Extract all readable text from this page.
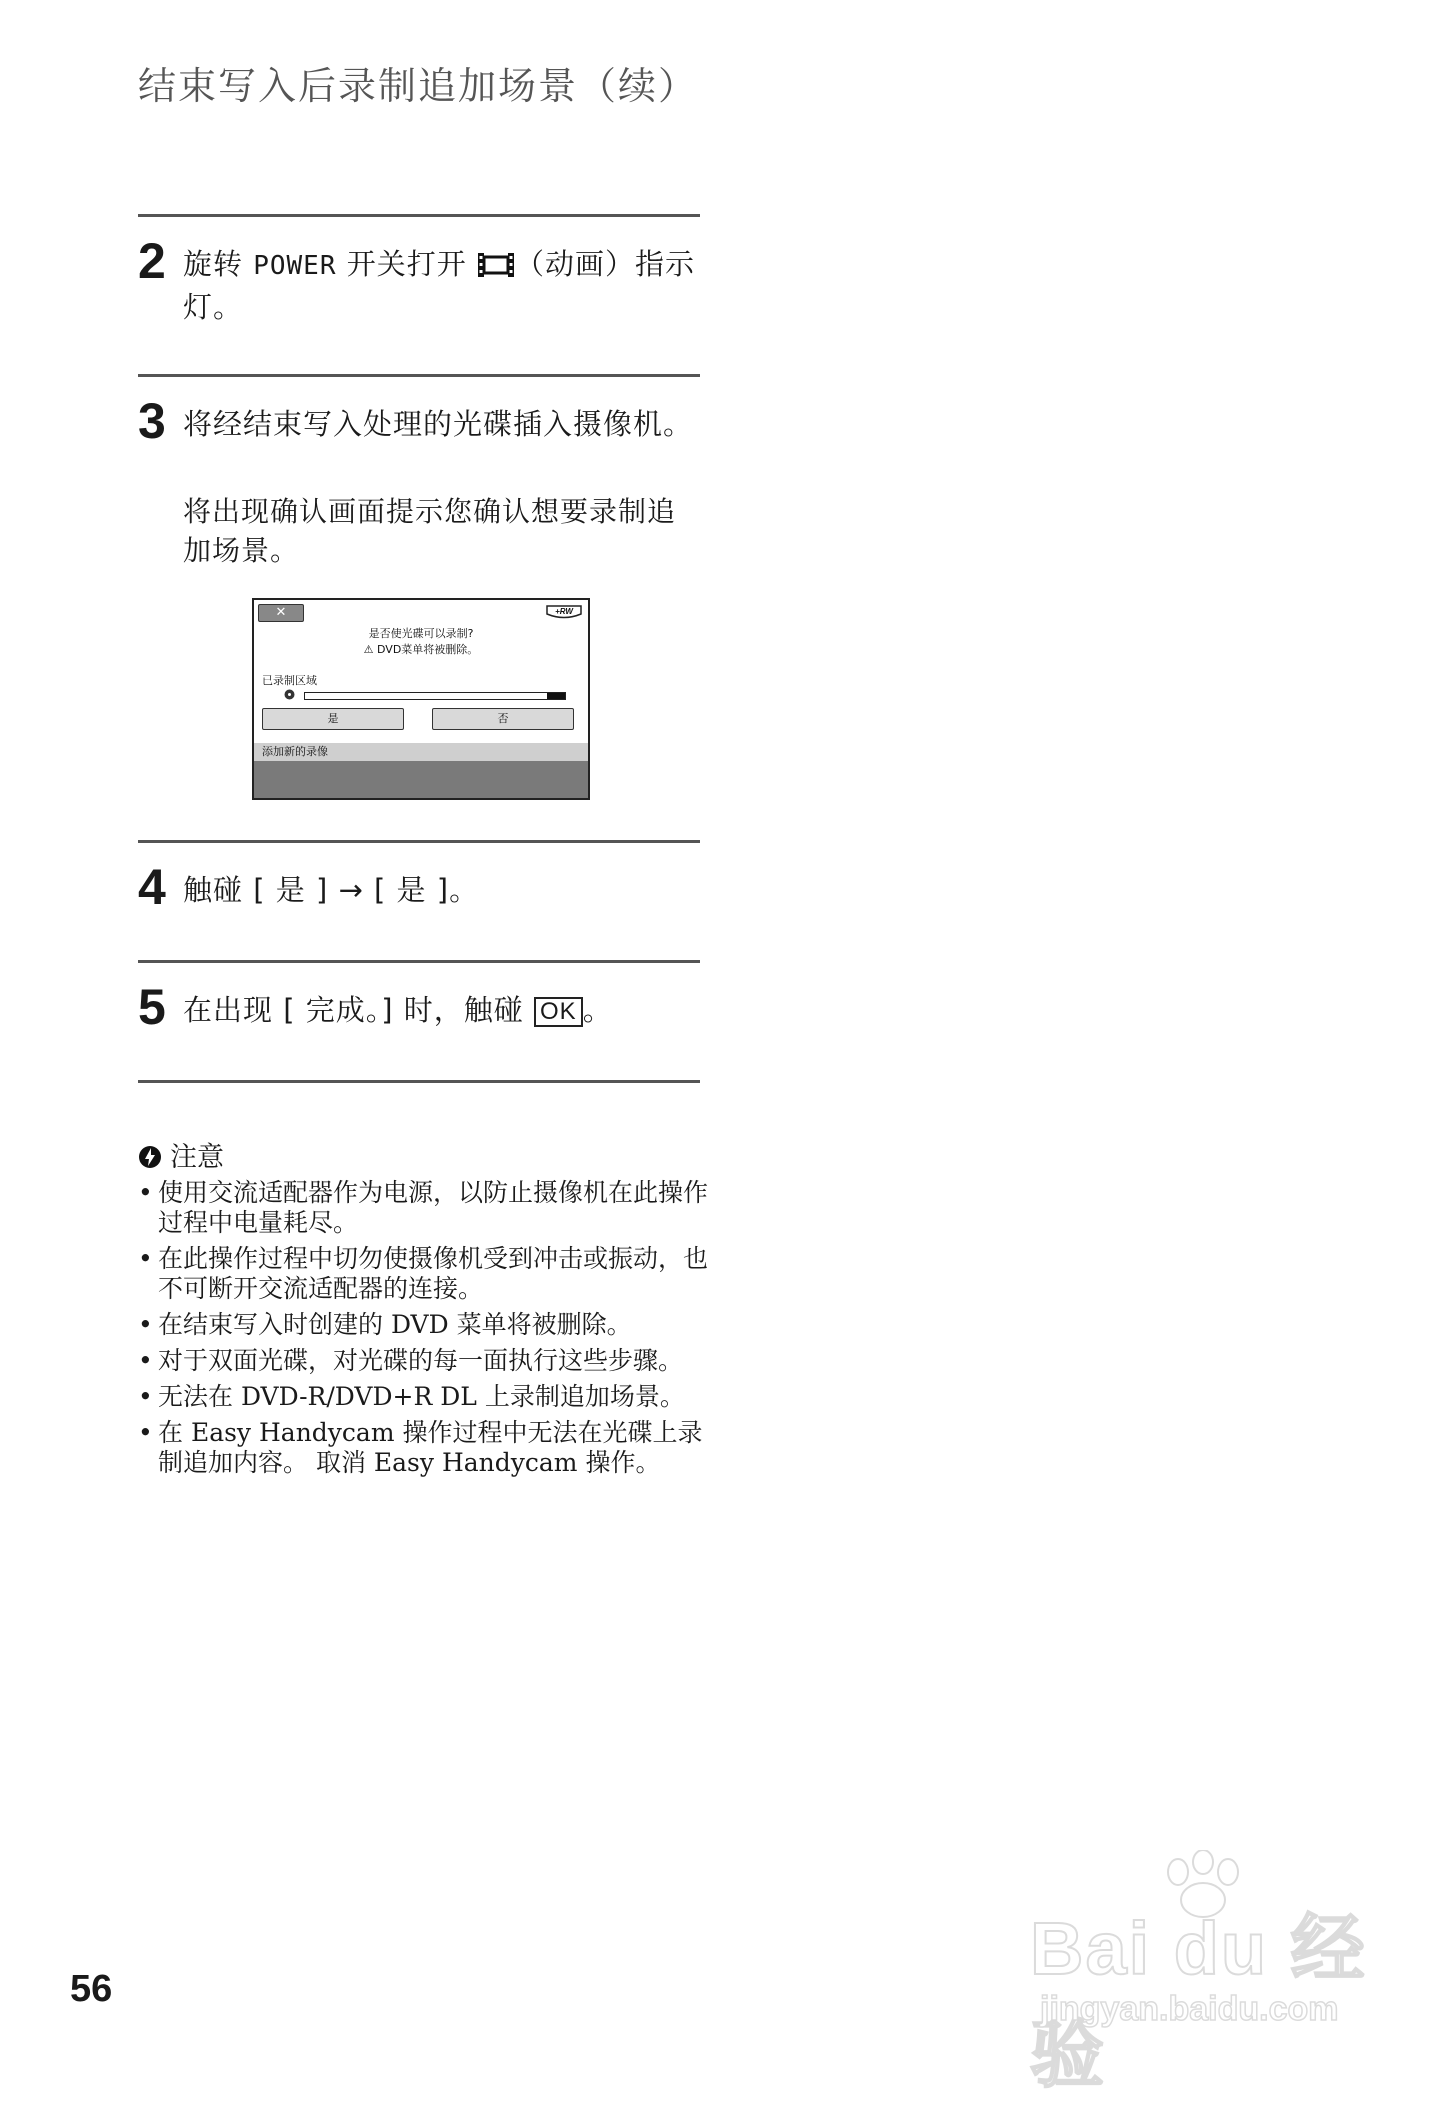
结束写入后录制追加场景（续）
2 旋转 POWER 开关打开 （动画）指示灯。
3 将经结束写入处理的光碟插入摄像机。
将出现确认画面提示您确认想要录制追加场景。
✕	+RW
是否使光碟可以录制?
⚠ DVD菜单将被删除。
已录制区域
是	否
添加新的录像
4 触碰 [ 是 ] → [ 是 ]。
5 在出现 [ 完成。] 时，触碰 OK 。
注意
• 使用交流适配器作为电源，以防止摄像机在此操作过程中电量耗尽。
• 在此操作过程中切勿使摄像机受到冲击或振动，也不可断开交流适配器的连接。
• 在结束写入时创建的 DVD 菜单将被删除。
• 对于双面光碟，对光碟的每一面执行这些步骤。
• 无法在 DVD-R/DVD+R DL 上录制追加场景。
• 在 Easy Handycam 操作过程中无法在光碟上录制追加内容。 取消 Easy Handycam 操作。
56	Bai du 经验
jingyan.baidu.com
